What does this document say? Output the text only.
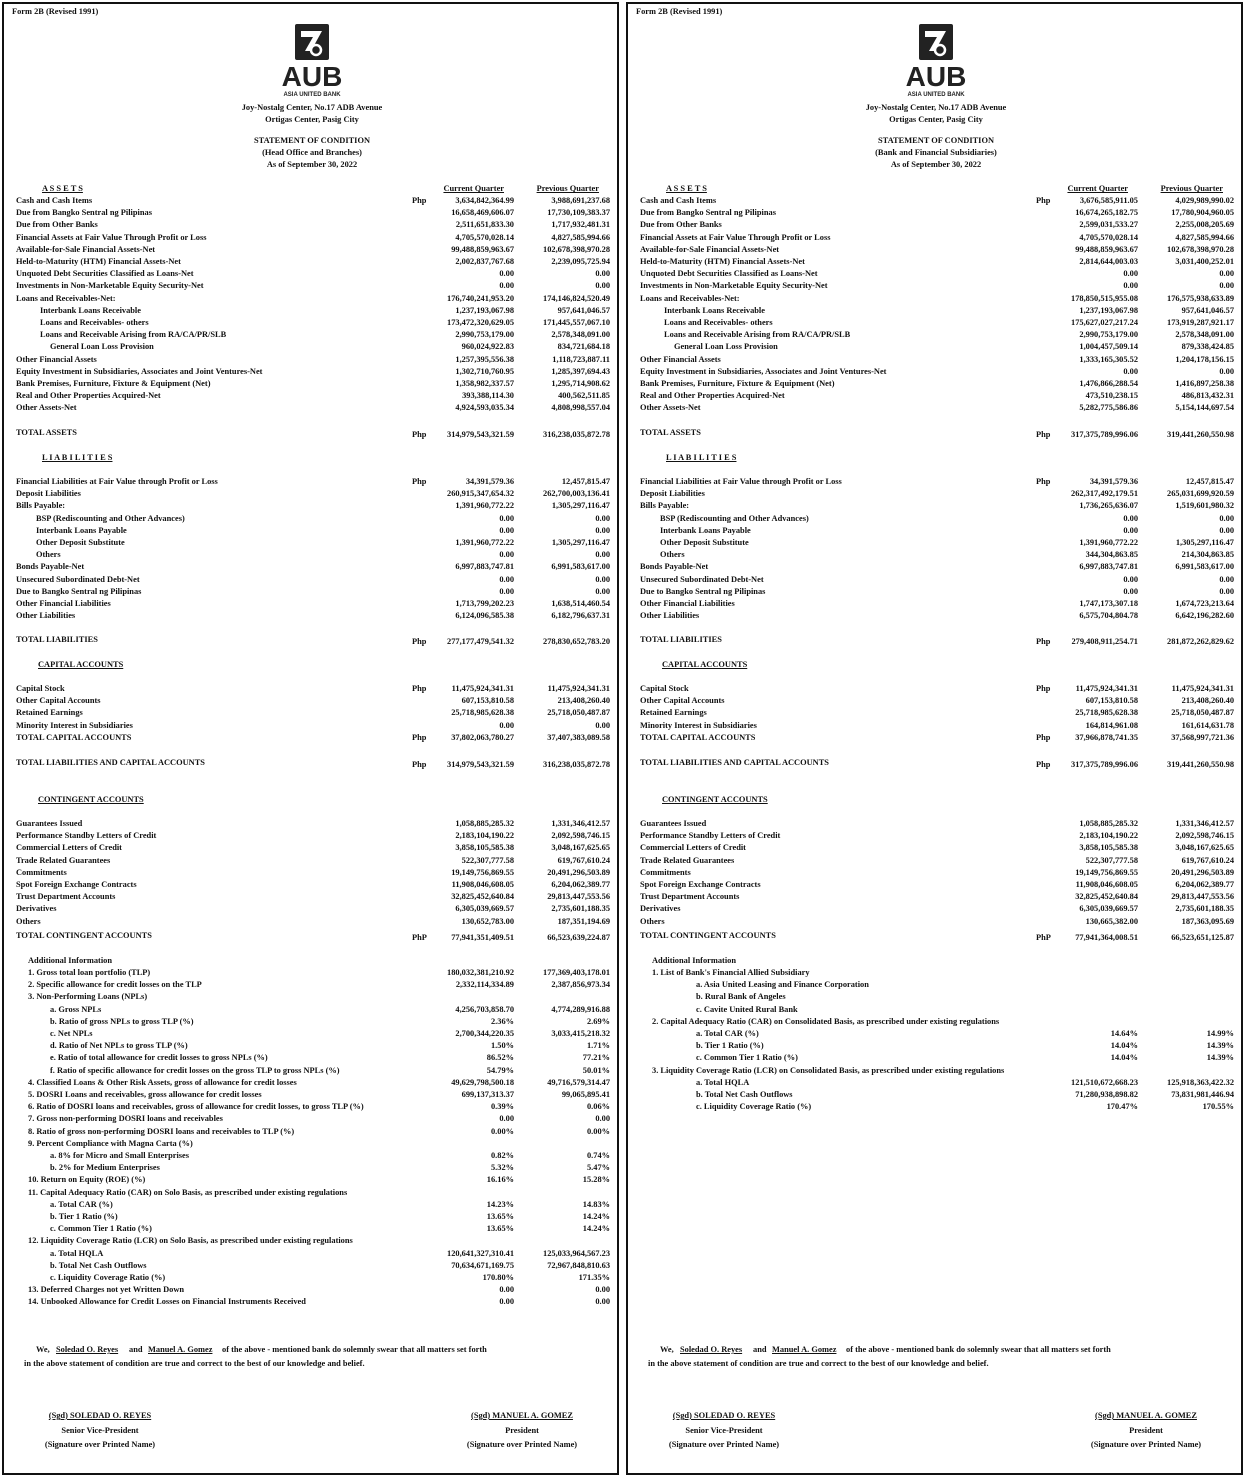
Form 2B (Revised 1991)
AUB
ASIA UNITED BANK
Joy-Nostalg Center, No.17 ADB Avenue
Ortigas Center, Pasig City
STATEMENT OF CONDITION
(Head Office and Branches)
As of September 30, 2022
Current Quarter	Previous Quarter
A S S E T S
Cash and Cash Items	Php	3,634,842,364.99	3,988,691,237.68
Due from Bangko Sentral ng Pilipinas	16,658,469,606.07	17,730,109,383.37
Due from Other Banks	2,511,651,833.30	1,717,932,481.31
Financial Assets at Fair Value Through Profit or Loss	4,705,570,028.14	4,827,585,994.66
Available-for-Sale Financial Assets-Net	99,488,859,963.67	102,678,398,970.28
Held-to-Maturity (HTM) Financial Assets-Net	2,002,837,767.68	2,239,095,725.94
Unquoted Debt Securities Classified as Loans-Net	0.00	0.00
Investments in Non-Marketable Equity Security-Net	0.00	0.00
Loans and Receivables-Net:	176,740,241,953.20	174,146,824,520.49
Interbank Loans Receivable	1,237,193,067.98	957,641,046.57
Loans and Receivables- others	173,472,320,629.05	171,445,557,067.10
Loans and Receivable Arising from RA/CA/PR/SLB	2,990,753,179.00	2,578,348,091.00
General Loan Loss Provision	960,024,922.83	834,721,684.18
Other Financial Assets	1,257,395,556.38	1,118,723,887.11
Equity Investment in Subsidiaries, Associates and Joint Ventures-Net	1,302,710,760.95	1,285,397,694.43
Bank Premises, Furniture, Fixture & Equipment (Net)	1,358,982,337.57	1,295,714,908.62
Real and Other Properties Acquired-Net	393,388,114.30	400,562,511.85
Other Assets-Net	4,924,593,035.34	4,808,998,557.04
TOTAL ASSETS	Php	314,979,543,321.59	316,238,035,872.78
L I A B I L I T I E S
Financial Liabilities at Fair Value through Profit or Loss	Php	34,391,579.36	12,457,815.47
Deposit Liabilities	260,915,347,654.32	262,700,003,136.41
Bills Payable:	1,391,960,772.22	1,305,297,116.47
BSP (Rediscounting and Other Advances)	0.00	0.00
Interbank Loans Payable	0.00	0.00
Other Deposit Substitute	1,391,960,772.22	1,305,297,116.47
Others	0.00	0.00
Bonds Payable-Net	6,997,883,747.81	6,991,583,617.00
Unsecured Subordinated Debt-Net	0.00	0.00
Due to Bangko Sentral ng Pilipinas	0.00	0.00
Other Financial Liabilities	1,713,799,202.23	1,638,514,460.54
Other Liabilities	6,124,096,585.38	6,182,796,637.31
TOTAL LIABILITIES	Php	277,177,479,541.32	278,830,652,783.20
CAPITAL ACCOUNTS
Capital Stock	Php	11,475,924,341.31	11,475,924,341.31
Other Capital Accounts	607,153,810.58	213,408,260.40
Retained Earnings	25,718,985,628.38	25,718,050,487.87
Minority Interest in Subsidiaries	0.00	0.00
TOTAL CAPITAL ACCOUNTS	Php	37,802,063,780.27	37,407,383,089.58
TOTAL LIABILITIES AND CAPITAL ACCOUNTS	Php	314,979,543,321.59	316,238,035,872.78
CONTINGENT ACCOUNTS
Guarantees Issued	1,058,885,285.32	1,331,346,412.57
Performance Standby Letters of Credit	2,183,104,190.22	2,092,598,746.15
Commercial Letters of Credit	3,858,105,585.38	3,048,167,625.65
Trade Related Guarantees	522,307,777.58	619,767,610.24
Commitments	19,149,756,869.55	20,491,296,503.89
Spot Foreign Exchange Contracts	11,908,046,608.05	6,204,062,389.77
Trust Department Accounts	32,825,452,640.84	29,813,447,553.56
Derivatives	6,305,039,669.57	2,735,601,188.35
Others	130,652,783.00	187,351,194.69
TOTAL CONTINGENT ACCOUNTS	PhP	77,941,351,409.51	66,523,639,224.87
Additional Information
1. Gross total loan portfolio (TLP)	180,032,381,210.92	177,369,403,178.01
2. Specific allowance for credit losses on the TLP	2,332,114,334.89	2,387,856,973.34
3. Non-Performing Loans (NPLs)
a. Gross NPLs	4,256,703,858.70	4,774,289,916.88
b. Ratio of gross NPLs to gross TLP (%)	2.36%	2.69%
c. Net NPLs	2,700,344,220.35	3,033,415,218.32
d. Ratio of Net NPLs to gross TLP (%)	1.50%	1.71%
e. Ratio of total allowance for credit losses to gross NPLs (%)	86.52%	77.21%
f. Ratio of specific allowance for credit losses on the gross TLP to gross NPLs (%)	54.79%	50.01%
4. Classified Loans & Other Risk Assets, gross of allowance for credit losses	49,629,798,500.18	49,716,579,314.47
5. DOSRI Loans and receivables, gross allowance for credit losses	699,137,313.37	99,065,895.41
6. Ratio of DOSRI loans and receivables, gross of allowance for credit losses, to gross TLP (%)	0.39%	0.06%
7. Gross non-performing DOSRI loans and receivables	0.00	0.00
8. Ratio of gross non-performing DOSRI loans and receivables to TLP (%)	0.00%	0.00%
9. Percent Compliance with Magna Carta (%)
a. 8% for Micro and Small Enterprises	0.82%	0.74%
b. 2% for Medium Enterprises	5.32%	5.47%
10. Return on Equity (ROE) (%)	16.16%	15.28%
11. Capital Adequacy Ratio (CAR) on Solo Basis, as prescribed under existing regulations
a. Total CAR (%)	14.23%	14.83%
b. Tier 1 Ratio (%)	13.65%	14.24%
c. Common Tier 1 Ratio (%)	13.65%	14.24%
12. Liquidity Coverage Ratio (LCR) on Solo Basis, as prescribed under existing regulations
a. Total HQLA	120,641,327,310.41	125,033,964,567.23
b. Total Net Cash Outflows	70,634,671,169.75	72,967,848,810.63
c. Liquidity Coverage Ratio (%)	170.80%	171.35%
13. Deferred Charges not yet Written Down	0.00	0.00
14. Unbooked Allowance for Credit Losses on Financial Instruments Received	0.00	0.00
We, Soledad O. Reyes and Manuel A. Gomez of the above - mentioned bank do solemnly swear that all matters set forth
in the above statement of condition are true and correct to the best of our knowledge and belief.
(Sgd) SOLEDAD O. REYES
Senior Vice-President
(Signature over Printed Name)
(Sgd) MANUEL A. GOMEZ
President
(Signature over Printed Name)
Form 2B (Revised 1991)
AUB
ASIA UNITED BANK
Joy-Nostalg Center, No.17 ADB Avenue
Ortigas Center, Pasig City
STATEMENT OF CONDITION
(Bank and Financial Subsidiaries)
As of September 30, 2022
Current Quarter	Previous Quarter
A S S E T S
Cash and Cash Items	Php	3,676,585,911.05	4,029,989,990.02
Due from Bangko Sentral ng Pilipinas	16,674,265,182.75	17,780,904,960.05
Due from Other Banks	2,599,031,533.27	2,255,008,205.69
Financial Assets at Fair Value Through Profit or Loss	4,705,570,028.14	4,827,585,994.66
Available-for-Sale Financial Assets-Net	99,488,859,963.67	102,678,398,970.28
Held-to-Maturity (HTM) Financial Assets-Net	2,814,644,003.03	3,031,400,252.01
Unquoted Debt Securities Classified as Loans-Net	0.00	0.00
Investments in Non-Marketable Equity Security-Net	0.00	0.00
Loans and Receivables-Net:	178,850,515,955.08	176,575,938,633.89
Interbank Loans Receivable	1,237,193,067.98	957,641,046.57
Loans and Receivables- others	175,627,027,217.24	173,919,287,921.17
Loans and Receivable Arising from RA/CA/PR/SLB	2,990,753,179.00	2,578,348,091.00
General Loan Loss Provision	1,004,457,509.14	879,338,424.85
Other Financial Assets	1,333,165,305.52	1,204,178,156.15
Equity Investment in Subsidiaries, Associates and Joint Ventures-Net	0.00	0.00
Bank Premises, Furniture, Fixture & Equipment (Net)	1,476,866,288.54	1,416,897,258.38
Real and Other Properties Acquired-Net	473,510,238.15	486,813,432.31
Other Assets-Net	5,282,775,586.86	5,154,144,697.54
TOTAL ASSETS	Php	317,375,789,996.06	319,441,260,550.98
L I A B I L I T I E S
Financial Liabilities at Fair Value through Profit or Loss	Php	34,391,579.36	12,457,815.47
Deposit Liabilities	262,317,492,179.51	265,031,699,920.59
Bills Payable:	1,736,265,636.07	1,519,601,980.32
BSP (Rediscounting and Other Advances)	0.00	0.00
Interbank Loans Payable	0.00	0.00
Other Deposit Substitute	1,391,960,772.22	1,305,297,116.47
Others	344,304,863.85	214,304,863.85
Bonds Payable-Net	6,997,883,747.81	6,991,583,617.00
Unsecured Subordinated Debt-Net	0.00	0.00
Due to Bangko Sentral ng Pilipinas	0.00	0.00
Other Financial Liabilities	1,747,173,307.18	1,674,723,213.64
Other Liabilities	6,575,704,804.78	6,642,196,282.60
TOTAL LIABILITIES	Php	279,408,911,254.71	281,872,262,829.62
CAPITAL ACCOUNTS
Capital Stock	Php	11,475,924,341.31	11,475,924,341.31
Other Capital Accounts	607,153,810.58	213,408,260.40
Retained Earnings	25,718,985,628.38	25,718,050,487.87
Minority Interest in Subsidiaries	164,814,961.08	161,614,631.78
TOTAL CAPITAL ACCOUNTS	Php	37,966,878,741.35	37,568,997,721.36
TOTAL LIABILITIES AND CAPITAL ACCOUNTS	Php	317,375,789,996.06	319,441,260,550.98
CONTINGENT ACCOUNTS
Guarantees Issued	1,058,885,285.32	1,331,346,412.57
Performance Standby Letters of Credit	2,183,104,190.22	2,092,598,746.15
Commercial Letters of Credit	3,858,105,585.38	3,048,167,625.65
Trade Related Guarantees	522,307,777.58	619,767,610.24
Commitments	19,149,756,869.55	20,491,296,503.89
Spot Foreign Exchange Contracts	11,908,046,608.05	6,204,062,389.77
Trust Department Accounts	32,825,452,640.84	29,813,447,553.56
Derivatives	6,305,039,669.57	2,735,601,188.35
Others	130,665,382.00	187,363,095.69
TOTAL CONTINGENT ACCOUNTS	PhP	77,941,364,008.51	66,523,651,125.87
Additional Information
1. List of Bank's Financial Allied Subsidiary
a. Asia United Leasing and Finance Corporation
b. Rural Bank of Angeles
c. Cavite United Rural Bank
2. Capital Adequacy Ratio (CAR) on Consolidated Basis, as prescribed under existing regulations
a. Total CAR (%)	14.64%	14.99%
b. Tier 1 Ratio (%)	14.04%	14.39%
c. Common Tier 1 Ratio (%)	14.04%	14.39%
3. Liquidity Coverage Ratio (LCR) on Consolidated Basis, as prescribed under existing regulations
a. Total HQLA	121,510,672,668.23	125,918,363,422.32
b. Total Net Cash Outflows	71,280,938,898.82	73,831,981,446.94
c. Liquidity Coverage Ratio (%)	170.47%	170.55%
We, Soledad O. Reyes and Manuel A. Gomez of the above - mentioned bank do solemnly swear that all matters set forth
in the above statement of condition are true and correct to the best of our knowledge and belief.
(Sgd) SOLEDAD O. REYES
Senior Vice-President
(Signature over Printed Name)
(Sgd) MANUEL A. GOMEZ
President
(Signature over Printed Name)
